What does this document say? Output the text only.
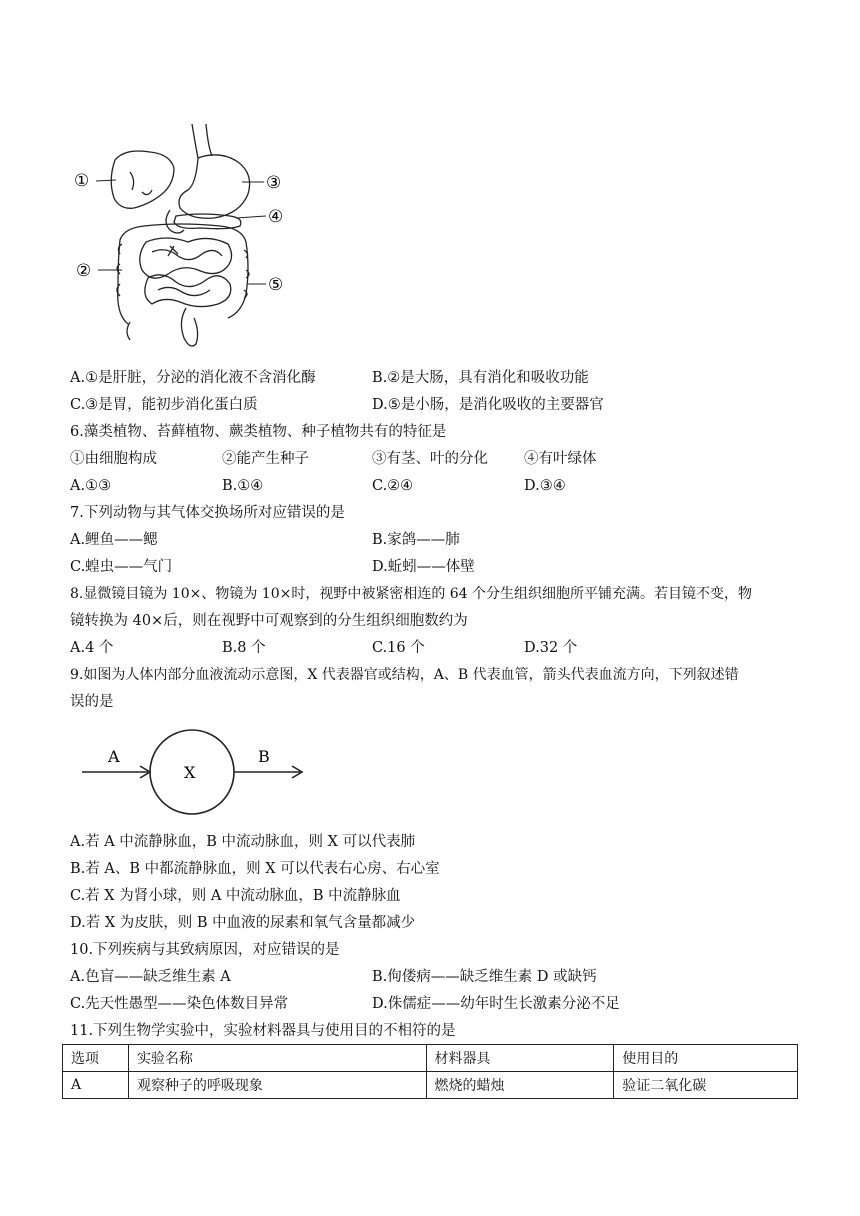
①
②
③
④
⑤
A.①是肝脏，分泌的消化液不含消化酶	B.②是大肠，具有消化和吸收功能
C.③是胃，能初步消化蛋白质	D.⑤是小肠，是消化吸收的主要器官
6.藻类植物、苔藓植物、蕨类植物、种子植物共有的特征是
①由细胞构成	②能产生种子	③有茎、叶的分化 ④有叶绿体
A.①③	B.①④	C.②④	D.③④
7.下列动物与其气体交换场所对应错误的是
A.鲤鱼——鳃	B.家鸽——肺
C.蝗虫——气门	D.蚯蚓——体壁
8.显微镜目镜为 10×、物镜为 10×时，视野中被紧密相连的 64 个分生组织细胞所平铺充满。若目镜不变，物
镜转换为 40×后，则在视野中可观察到的分生组织细胞数约为
A.4 个	B.8 个	C.16 个	D.32 个
9.如图为人体内部分血液流动示意图，X 代表器官或结构，A、B 代表血管，箭头代表血流方向，下列叙述错
误的是
A
X
B
A.若 A 中流静脉血，B 中流动脉血，则 X 可以代表肺
B.若 A、B 中都流静脉血，则 X 可以代表右心房、右心室
C.若 X 为肾小球，则 A 中流动脉血，B 中流静脉血
D.若 X 为皮肤，则 B 中血液的尿素和氧气含量都减少
10.下列疾病与其致病原因，对应错误的是
A.色盲——缺乏维生素 A	B.佝偻病——缺乏维生素 D 或缺钙
C.先天性愚型——染色体数目异常	D.侏儒症——幼年时生长激素分泌不足
11.下列生物学实验中，实验材料器具与使用目的不相符的是
选项	实验名称	材料器具	使用目的
A	观察种子的呼吸现象	燃烧的蜡烛	验证二氧化碳
